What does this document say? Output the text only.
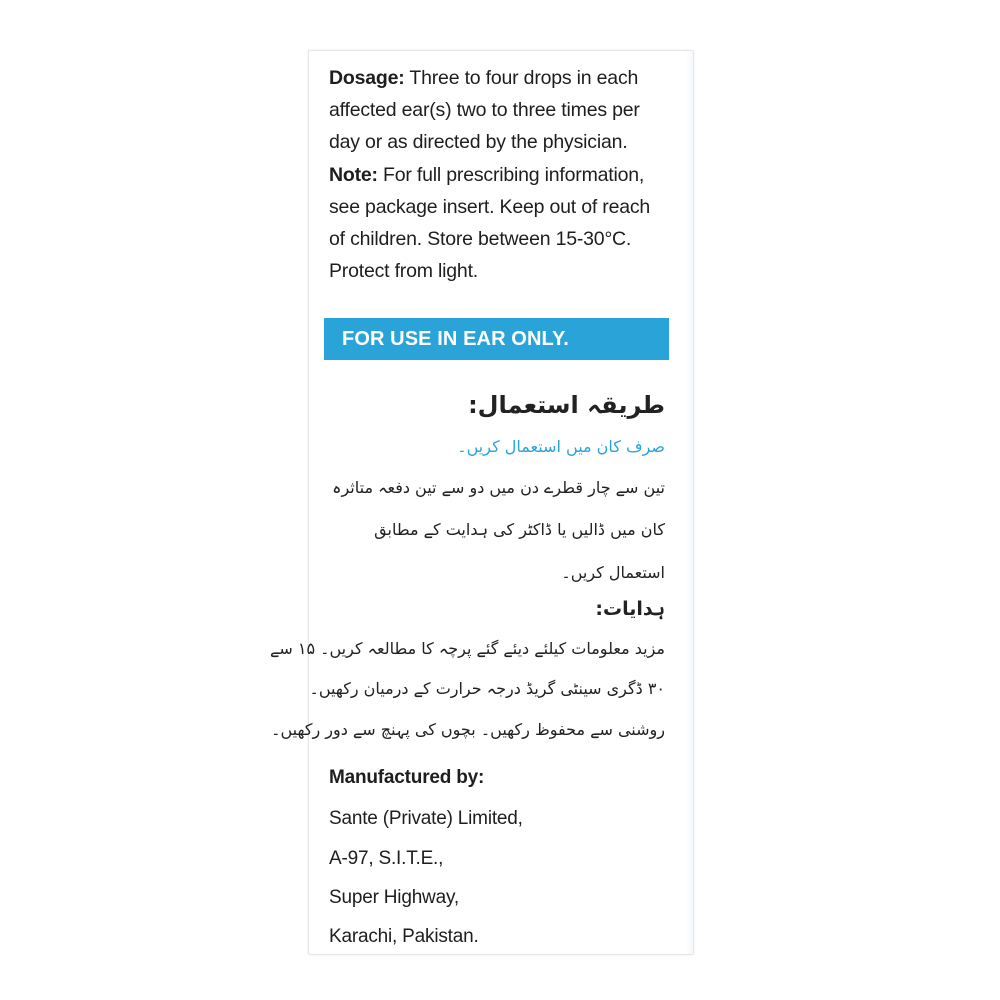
Dosage: Three to four drops in each
affected ear(s) two to three times per
day or as directed by the physician.
Note: For full prescribing information,
see package insert. Keep out of reach
of children. Store between 15-30°C.
Protect from light.
FOR USE IN EAR ONLY.
طریقہ استعمال:
صرف کان میں استعمال کریں۔
تین سے چار قطرے دن میں دو سے تین دفعہ متاثرہ
کان میں ڈالیں یا ڈاکٹر کی ہدایت کے مطابق
استعمال کریں۔
ہدایات:
مزید معلومات کیلئے دیئے گئے پرچہ کا مطالعہ کریں۔ ۱۵ سے
۳۰ ڈگری سینٹی گریڈ درجہ حرارت کے درمیان رکھیں۔
روشنی سے محفوظ رکھیں۔ بچوں کی پہنچ سے دور رکھیں۔
Manufactured by:
Sante (Private) Limited,
A-97, S.I.T.E.,
Super Highway,
Karachi, Pakistan.
